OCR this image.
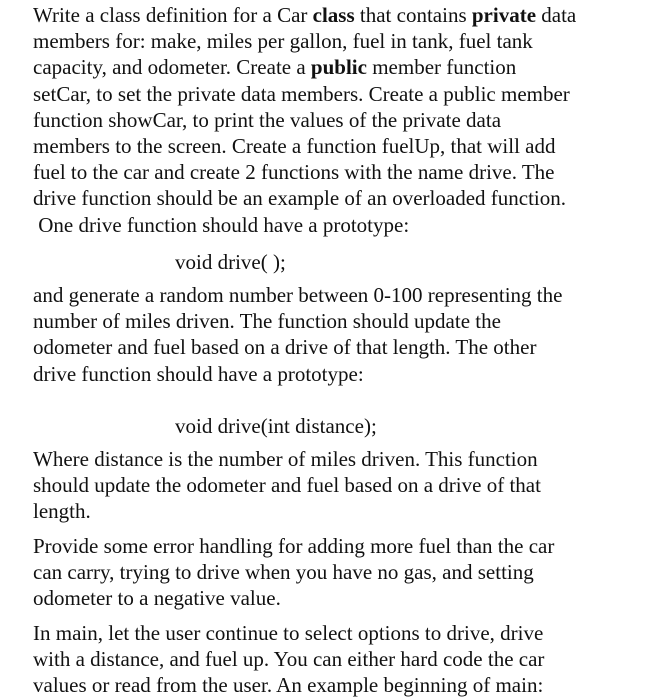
Write a class definition for a Car class that contains private data
members for: make, miles per gallon, fuel in tank, fuel tank
capacity, and odometer. Create a public member function
setCar, to set the private data members. Create a public member
function showCar, to print the values of the private data
members to the screen. Create a function fuelUp, that will add
fuel to the car and create 2 functions with the name drive. The
drive function should be an example of an overloaded function.
One drive function should have a prototype:

void drive( );

and generate a random number between 0-100 representing the
number of miles driven. The function should update the
odometer and fuel based on a drive of that length. The other
drive function should have a prototype:

void drive(int distance);

Where distance is the number of miles driven. This function
should update the odometer and fuel based on a drive of that
length.

Provide some error handling for adding more fuel than the car
can carry, trying to drive when you have no gas, and setting
odometer to a negative value.

In main, let the user continue to select options to drive, drive
with a distance, and fuel up. You can either hard code the car
values or read from the user. An example beginning of main:
